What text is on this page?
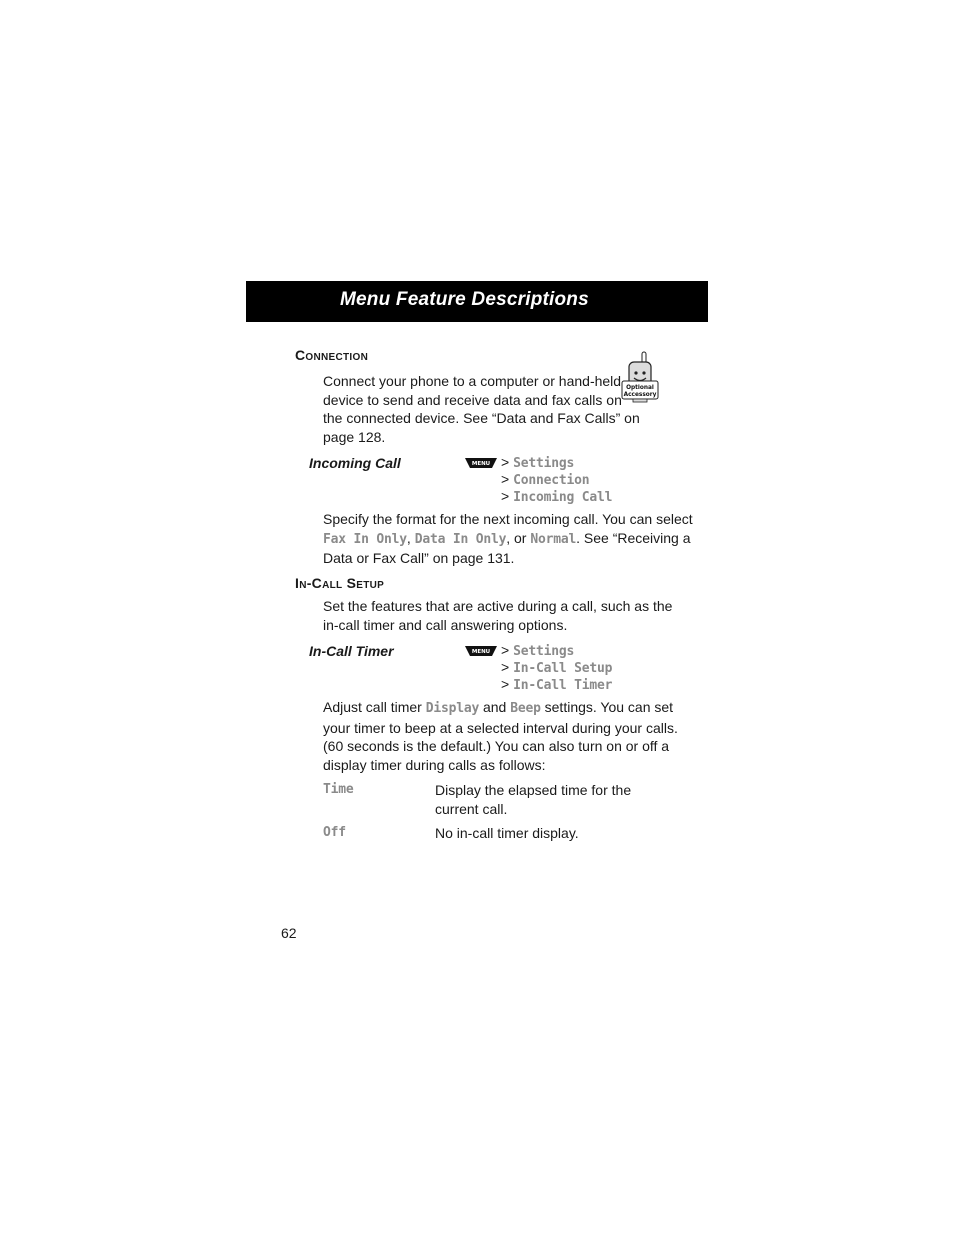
Menu Feature Descriptions
Connection
Connect your phone to a computer or hand-held
device to send and receive data and fax calls on
the connected device. See “Data and Fax Calls” on
page 128.
Optional
Accessory
Incoming Call	MENU > Settings
> Connection
> Incoming Call
Specify the format for the next incoming call. You can select
Fax In Only, Data In Only, or Normal. See “Receiving a
Data or Fax Call” on page 131.
In-Call Setup
Set the features that are active during a call, such as the
in-call timer and call answering options.
In-Call Timer	MENU > Settings
> In-Call Setup
> In-Call Timer
Adjust call timer Display and Beep settings. You can set
your timer to beep at a selected interval during your calls.
(60 seconds is the default.) You can also turn on or off a
display timer during calls as follows:
Time	Display the elapsed time for the
current call.
Off	No in-call timer display.
62
